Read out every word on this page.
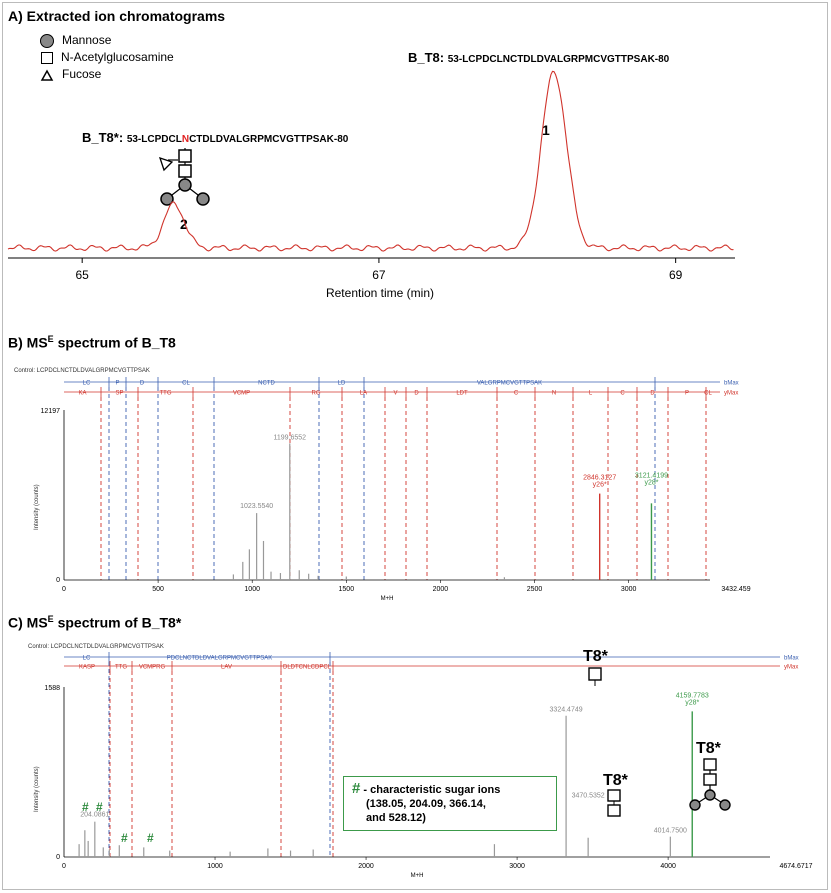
A) Extracted ion chromatograms
Mannose
N-Acetylglucosamine
Fucose
B_T8: 53-LCPDCLNCTDLDVALGRPMCVGTTPSAK-80
B_T8*: 53-LCPDCLNCTDLDVALGRPMCVGTTPSAK-80
1
2
65	67	69
Retention time (min)
B) $MS^E$ spectrum of B_T8
Control: LCPDCLNCTDLDVALGRPMCVGTTPSAK
Intensity (counts)
LC	P	D	CL	NCTD	LD	VALGRPMCVGTTPSAK	bMax
KA	SP	TTG	VCMP	RG	LA	V	D	LDT	C	N	L	C	D	P	CL yMax
12197
0
500	1000	1500	2000	2500	3000
0	3432.459
M+H
1199.6552
1023.5540
2846.3127
y26*
3121.4199
y28*
C) $MS^E$ spectrum of B_T8*
Control: LCPDCLNCTDLDVALGRPMCVGTTPSAK
Intensity (counts)
LC	PDCLNCTDLDVALGRPMCVGTTPSAK	bMax
KASP	TTG VCMPRG	LAV	DLDTCNLCDPCL	yMax
1588
0
1000	2000	3000	4000
0	4674.6717
M+H
204.0861
3324.4749
4159.7783
y28*
3470.5352
4014.7500
T8*
T8*
T8*
# #
# #
# - characteristic sugar ions
(138.05, 204.09, 366.14,
and 528.12)
